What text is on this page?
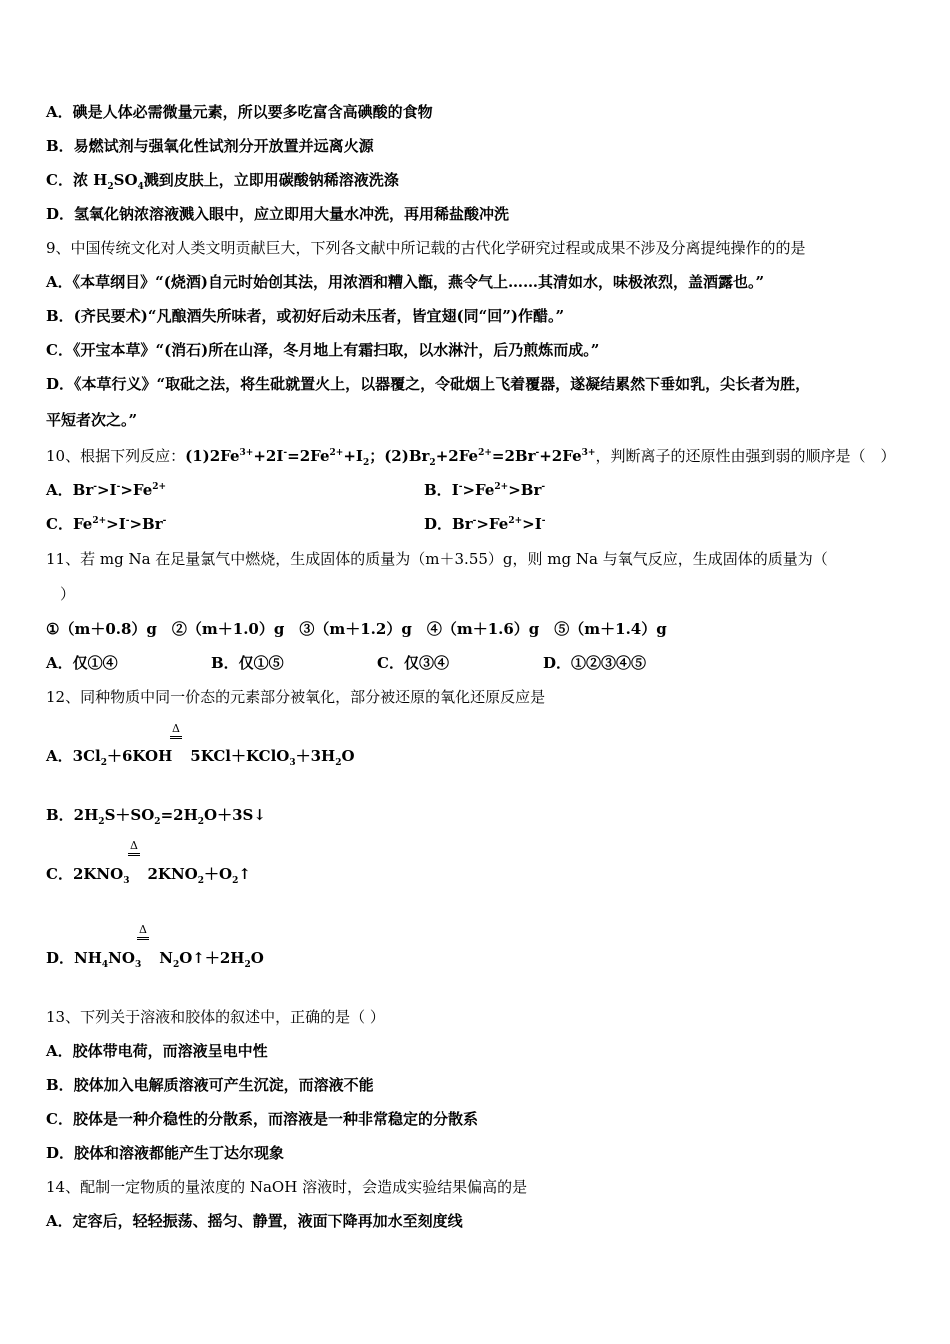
A．碘是人体必需微量元素，所以要多吃富含高碘酸的食物
B．易燃试剂与强氧化性试剂分开放置并远离火源
C．浓 $H_2SO_4$溅到皮肤上，立即用碳酸钠稀溶液洗涤
D．氢氧化钠浓溶液溅入眼中，应立即用大量水冲洗，再用稀盐酸冲洗
9、中国传统文化对人类文明贡献巨大，下列各文献中所记载的古代化学研究过程或成果不涉及分离提纯操作的的是
A．《本草纲目》“(烧酒)自元时始创其法，用浓酒和糟入甑，燕令气上……其清如水，味极浓烈，盖酒露也。”
B．(齐民要术)“凡酿酒失所味者，或初好后动未压者，皆宜翅(同“回”)作醋。”
C．《开宝本草》“(消石)所在山泽，冬月地上有霜扫取，以水淋汁，后乃煎炼而成。”
D．《本草行义》“取砒之法，将生砒就置火上，以器覆之，令砒烟上飞着覆器，遂凝结累然下垂如乳，尖长者为胜，
平短者次之。”
10、根据下列反应：$(1)2Fe^{3+}+2I^-=2Fe^{2+}+I_2$；$(2)Br_2+2Fe^{2+}=2Br^-+2Fe^{3+}$，判断离子的还原性由强到弱的顺序是（　）
A．$Br^->I^->Fe^{2+}$	B．$I^->Fe^{2+}>Br^-$
C．$Fe^{2+}>I^->Br^-$	D．$Br^->Fe^{2+}>I^-$
11、若 mg Na 在足量氯气中燃烧，生成固体的质量为（m＋3.55）g，则 mg Na 与氧气反应，生成固体的质量为（
）
①（m＋0.8）g　②（m＋1.0）g　③（m＋1.2）g　④（m＋1.6）g　⑤（m＋1.4）g
A．仅①④	B．仅①⑤	C．仅③④	D．①②③④⑤
12、同种物质中同一价态的元素部分被氧化，部分被还原的氧化还原反应是
Δ
A．$3Cl_2+6KOH$ $5KCl+KClO_3+3H_2O$
B．$2H_2S+SO_2=2H_2O+3S↓$
Δ
C．$2KNO_3$ $2KNO_2+O_2↑$
Δ
D．$NH_4NO_3$ $N_2O↑+2H_2O$
13、下列关于溶液和胶体的叙述中，正确的是（ ）
A．胶体带电荷，而溶液呈电中性
B．胶体加入电解质溶液可产生沉淀，而溶液不能
C．胶体是一种介稳性的分散系，而溶液是一种非常稳定的分散系
D．胶体和溶液都能产生丁达尔现象
14、配制一定物质的量浓度的 NaOH 溶液时，会造成实验结果偏高的是
A．定容后，轻轻振荡、摇匀、静置，液面下降再加水至刻度线
